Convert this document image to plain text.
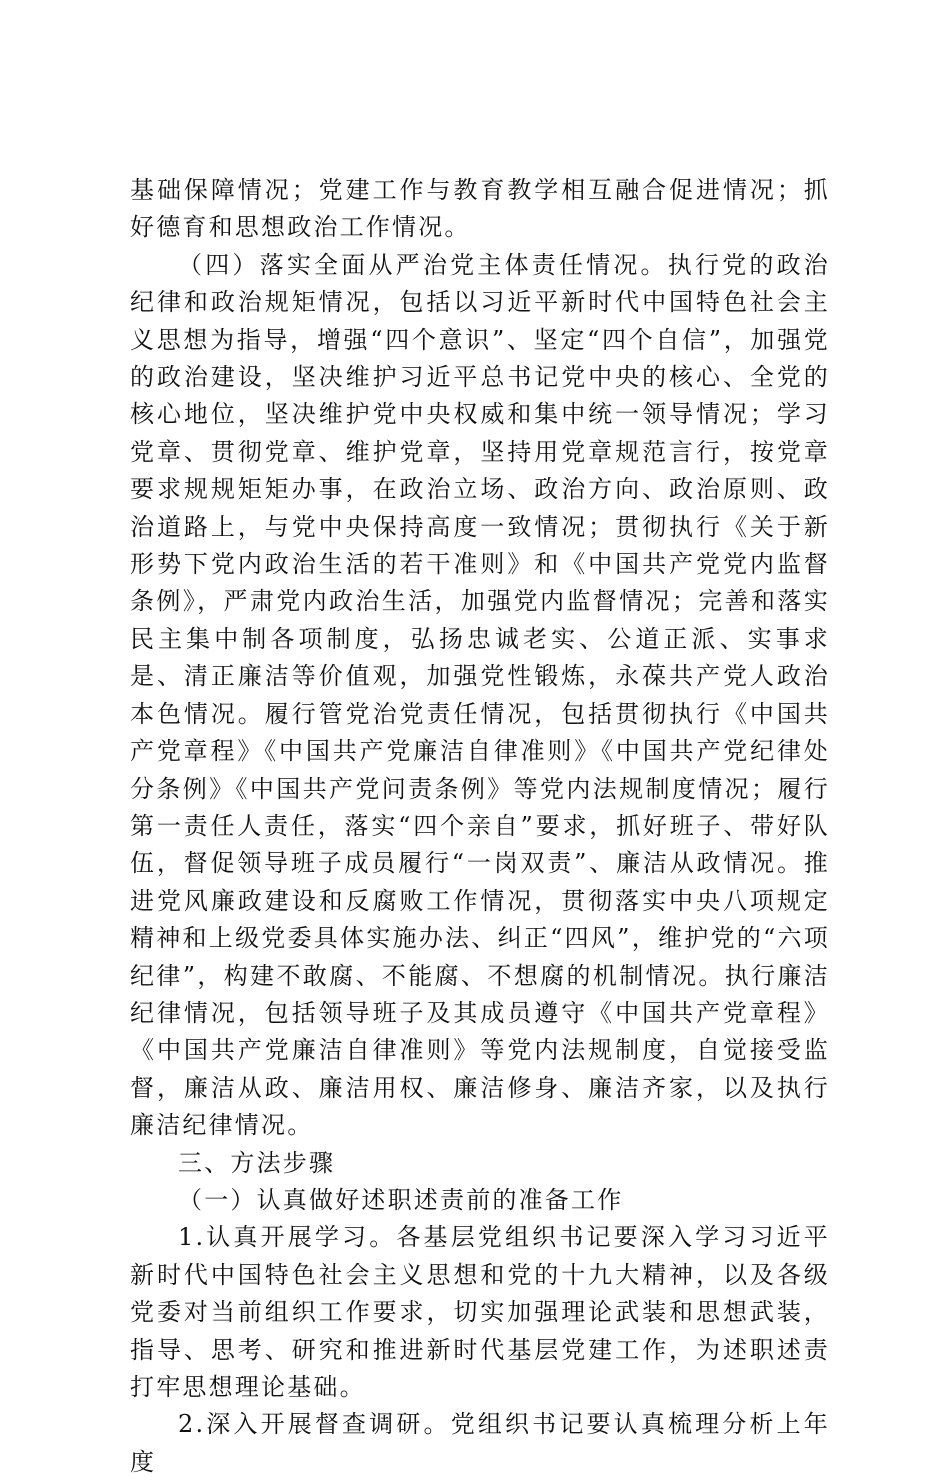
基础保障情况；党建工作与教育教学相互融合促进情况；抓好德育和思想政治工作情况。

（四）落实全面从严治党主体责任情况。执行党的政治纪律和政治规矩情况，包括以习近平新时代中国特色社会主义思想为指导，增强“四个意识”、坚定“四个自信”，加强党的政治建设，坚决维护习近平总书记党中央的核心、全党的核心地位，坚决维护党中央权威和集中统一领导情况；学习党章、贯彻党章、维护党章，坚持用党章规范言行，按党章要求规规矩矩办事，在政治立场、政治方向、政治原则、政治道路上，与党中央保持高度一致情况；贯彻执行《关于新形势下党内政治生活的若干准则》和《中国共产党党内监督条例》，严肃党内政治生活，加强党内监督情况；完善和落实民主集中制各项制度，弘扬忠诚老实、公道正派、实事求是、清正廉洁等价值观，加强党性锻炼，永葆共产党人政治本色情况。履行管党治党责任情况，包括贯彻执行《中国共产党章程》《中国共产党廉洁自律准则》《中国共产党纪律处分条例》《中国共产党问责条例》等党内法规制度情况；履行第一责任人责任，落实“四个亲自”要求，抓好班子、带好队伍，督促领导班子成员履行“一岗双责”、廉洁从政情况。推进党风廉政建设和反腐败工作情况，贯彻落实中央八项规定精神和上级党委具体实施办法、纠正“四风”，维护党的“六项纪律”，构建不敢腐、不能腐、不想腐的机制情况。执行廉洁纪律情况，包括领导班子及其成员遵守《中国共产党章程》《中国共产党廉洁自律准则》等党内法规制度，自觉接受监督，廉洁从政、廉洁用权、廉洁修身、廉洁齐家，以及执行廉洁纪律情况。

三、方法步骤

（一）认真做好述职述责前的准备工作

1.认真开展学习。各基层党组织书记要深入学习习近平新时代中国特色社会主义思想和党的十九大精神，以及各级党委对当前组织工作要求，切实加强理论武装和思想武装，指导、思考、研究和推进新时代基层党建工作，为述职述责打牢思想理论基础。

2.深入开展督查调研。党组织书记要认真梳理分析上年度
